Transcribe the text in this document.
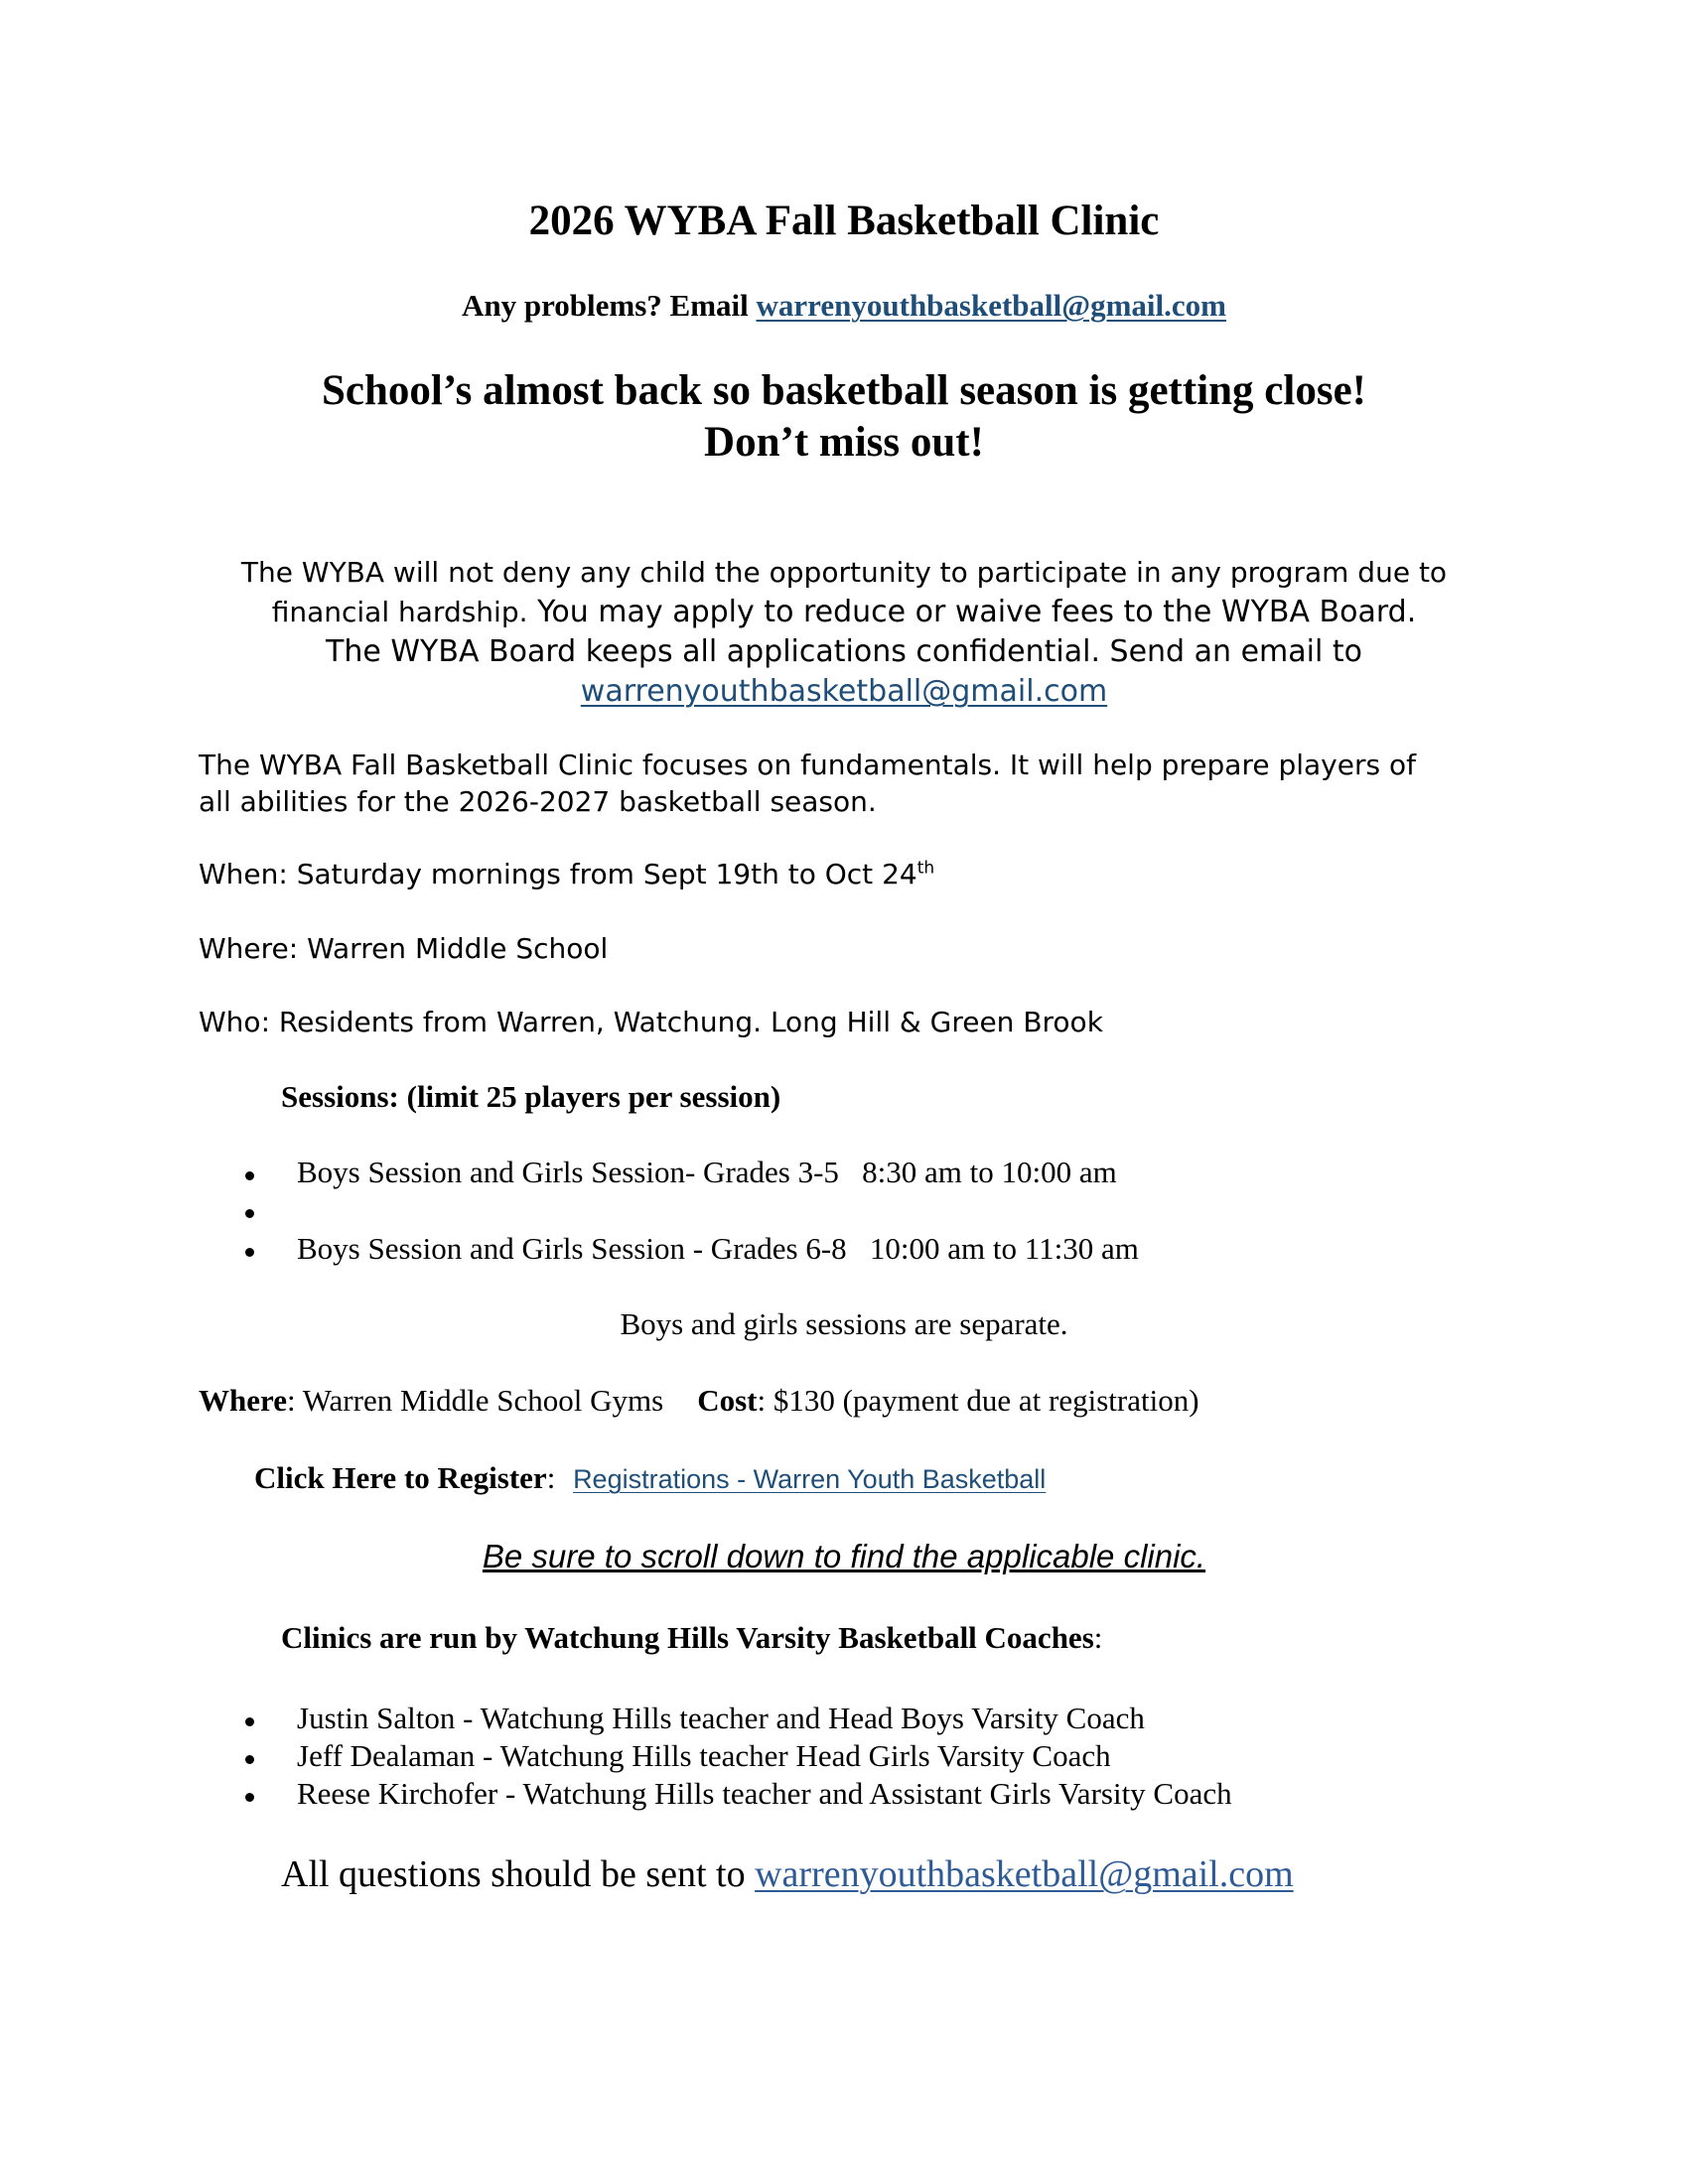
2026 WYBA Fall Basketball Clinic
Any problems? Email warrenyouthbasketball@gmail.com
School’s almost back so basketball season is getting close!
Don’t miss out!
The WYBA will not deny any child the opportunity to participate in any program due to
financial hardship. You may apply to reduce or waive fees to the WYBA Board.
The WYBA Board keeps all applications confidential. Send an email to
warrenyouthbasketball@gmail.com
The WYBA Fall Basketball Clinic focuses on fundamentals. It will help prepare players of
all abilities for the 2026-2027 basketball season.
When: Saturday mornings from Sept 19th to Oct 24th
Where: Warren Middle School
Who: Residents from Warren, Watchung. Long Hill & Green Brook
Sessions: (limit 25 players per session)
Boys Session and Girls Session- Grades 3-5   8:30 am to 10:00 am
Boys Session and Girls Session - Grades 6-8   10:00 am to 11:30 am
Boys and girls sessions are separate.
Where: Warren Middle School Gyms Cost: $130 (payment due at registration)
Click Here to Register: Registrations - Warren Youth Basketball
Be sure to scroll down to find the applicable clinic.
Clinics are run by Watchung Hills Varsity Basketball Coaches:
Justin Salton - Watchung Hills teacher and Head Boys Varsity Coach
Jeff Dealaman - Watchung Hills teacher Head Girls Varsity Coach
Reese Kirchofer - Watchung Hills teacher and Assistant Girls Varsity Coach
All questions should be sent to warrenyouthbasketball@gmail.com
